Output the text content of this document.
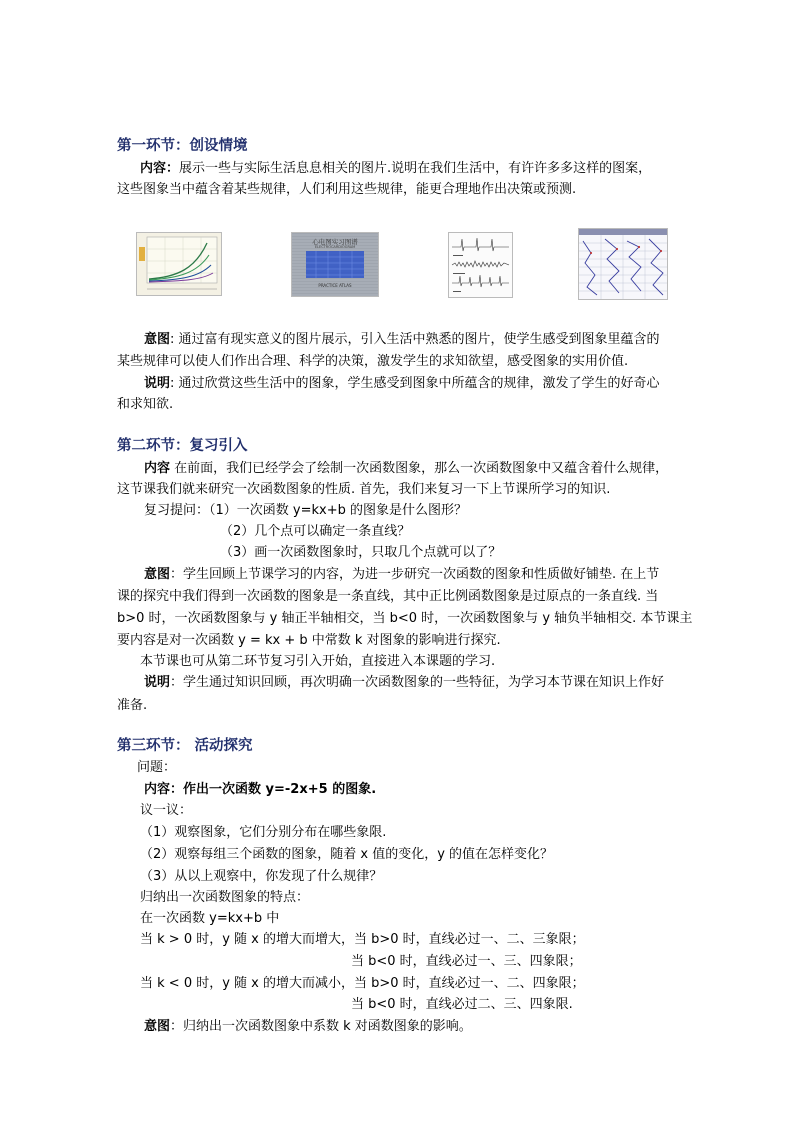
第一环节：创设情境
内容：展示一些与实际生活息息相关的图片.说明在我们生活中，有许许多多这样的图案，
这些图象当中蕴含着某些规律，人们利用这些规律，能更合理地作出决策或预测.
心电图实习图谱
ELECTROCARDIOGRAM
PRACTICE ATLAS
意图: 通过富有现实意义的图片展示，引入生活中熟悉的图片，使学生感受到图象里蕴含的
某些规律可以使人们作出合理、科学的决策，激发学生的求知欲望，感受图象的实用价值.
说明: 通过欣赏这些生活中的图象，学生感受到图象中所蕴含的规律，激发了学生的好奇心
和求知欲.
第二环节：复习引入
内容 在前面，我们已经学会了绘制一次函数图象，那么一次函数图象中又蕴含着什么规律，
这节课我们就来研究一次函数图象的性质. 首先，我们来复习一下上节课所学习的知识.
复习提问：（1）一次函数 y=kx+b 的图象是什么图形？
（2）几个点可以确定一条直线？
（3）画一次函数图象时，只取几个点就可以了？
意图：学生回顾上节课学习的内容，为进一步研究一次函数的图象和性质做好铺垫. 在上节
课的探究中我们得到一次函数的图象是一条直线，其中正比例函数图象是过原点的一条直线. 当
b>0 时，一次函数图象与 y 轴正半轴相交，当 b<0 时，一次函数图象与 y 轴负半轴相交. 本节课主
要内容是对一次函数 y = kx + b 中常数 k 对图象的影响进行探究.
本节课也可从第二环节复习引入开始，直接进入本课题的学习.
说明：学生通过知识回顾，再次明确一次函数图象的一些特征，为学习本节课在知识上作好
准备.
第三环节： 活动探究
问题：
内容：作出一次函数 y=-2x+5 的图象.
议一议：
（1）观察图象，它们分别分布在哪些象限.
（2）观察每组三个函数的图象，随着 x 值的变化，y 的值在怎样变化？
（3）从以上观察中，你发现了什么规律？
归纳出一次函数图象的特点：
在一次函数 y=kx+b 中
当 k > 0 时，y 随 x 的增大而增大，当 b>0 时，直线必过一、二、三象限；
当 b<0 时，直线必过一、三、四象限；
当 k < 0 时，y 随 x 的增大而减小，当 b>0 时，直线必过一、二、四象限；
当 b<0 时，直线必过二、三、四象限.
意图：归纳出一次函数图象中系数 k 对函数图象的影响。
